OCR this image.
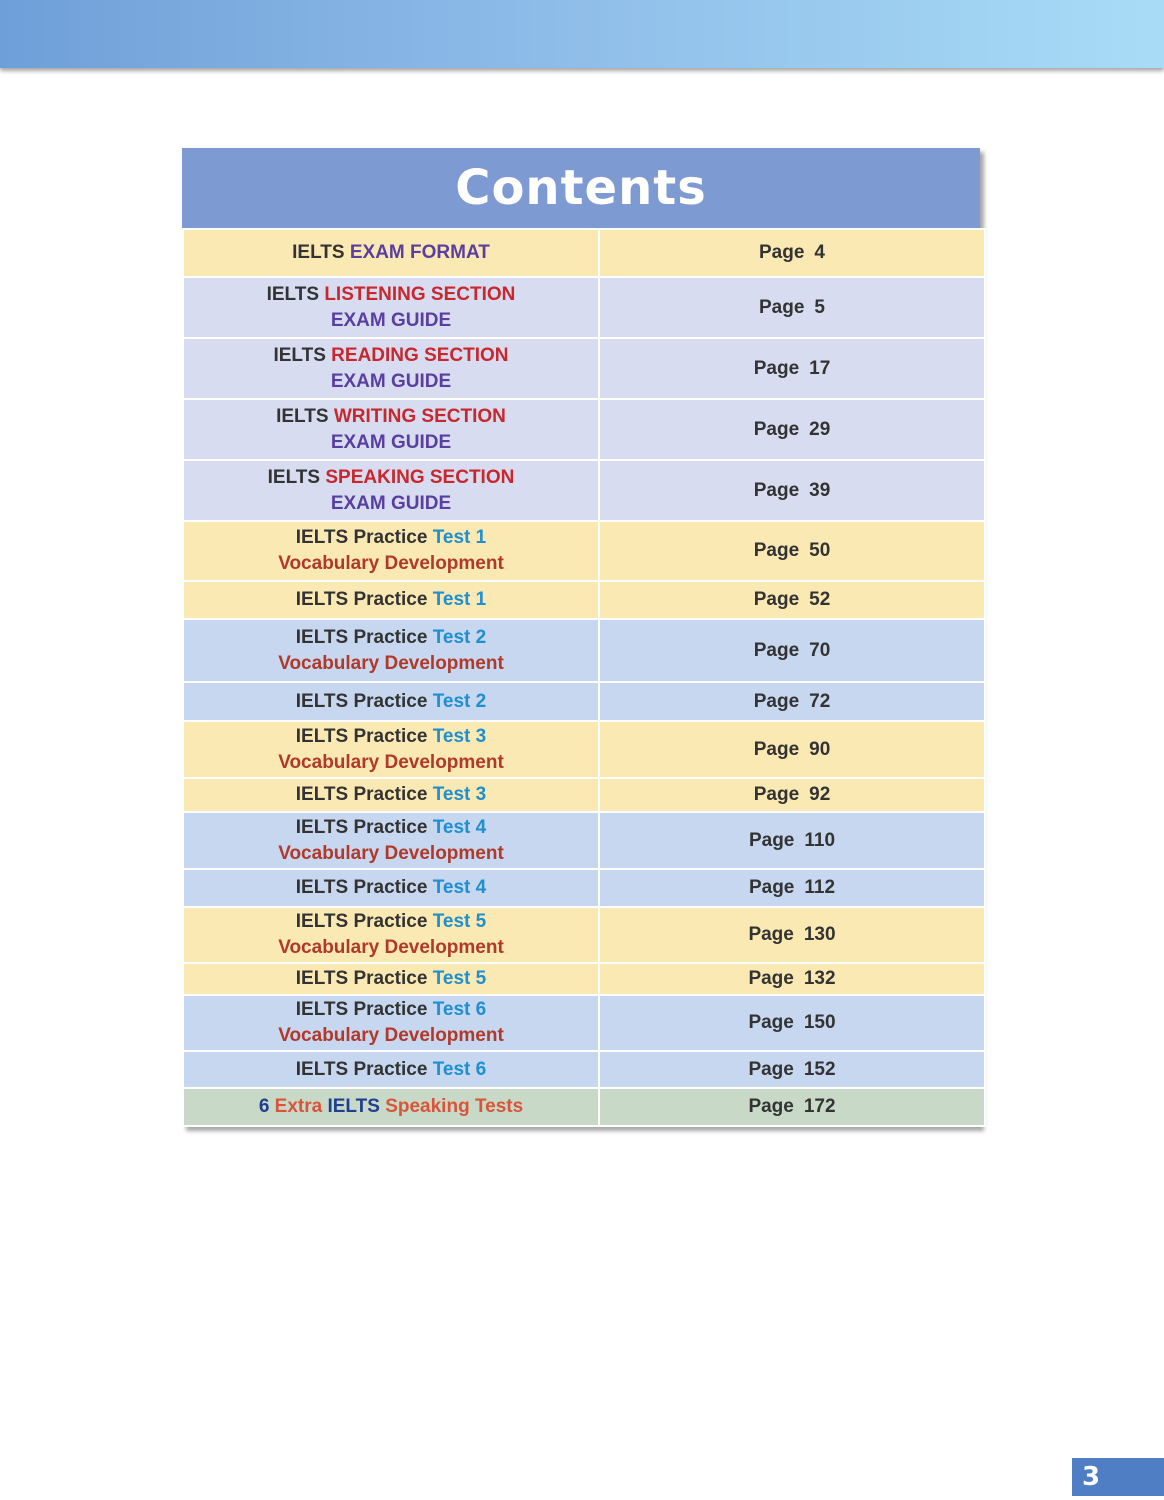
Contents
IELTS EXAM FORMAT	Page 4

IELTS LISTENING SECTION
EXAM GUIDE	Page 5

IELTS READING SECTION
EXAM GUIDE	Page 17

IELTS WRITING SECTION
EXAM GUIDE	Page 29

IELTS SPEAKING SECTION
EXAM GUIDE	Page 39

IELTS Practice Test 1
Vocabulary Development	Page 50

IELTS Practice Test 1	Page 52

IELTS Practice Test 2
Vocabulary Development	Page 70

IELTS Practice Test 2	Page 72

IELTS Practice Test 3
Vocabulary Development	Page 90

IELTS Practice Test 3	Page 92

IELTS Practice Test 4
Vocabulary Development	Page 110

IELTS Practice Test 4	Page 112

IELTS Practice Test 5
Vocabulary Development	Page 130

IELTS Practice Test 5	Page 132

IELTS Practice Test 6
Vocabulary Development	Page 150

IELTS Practice Test 6	Page 152

6 Extra IELTS Speaking Tests	Page 172
3
